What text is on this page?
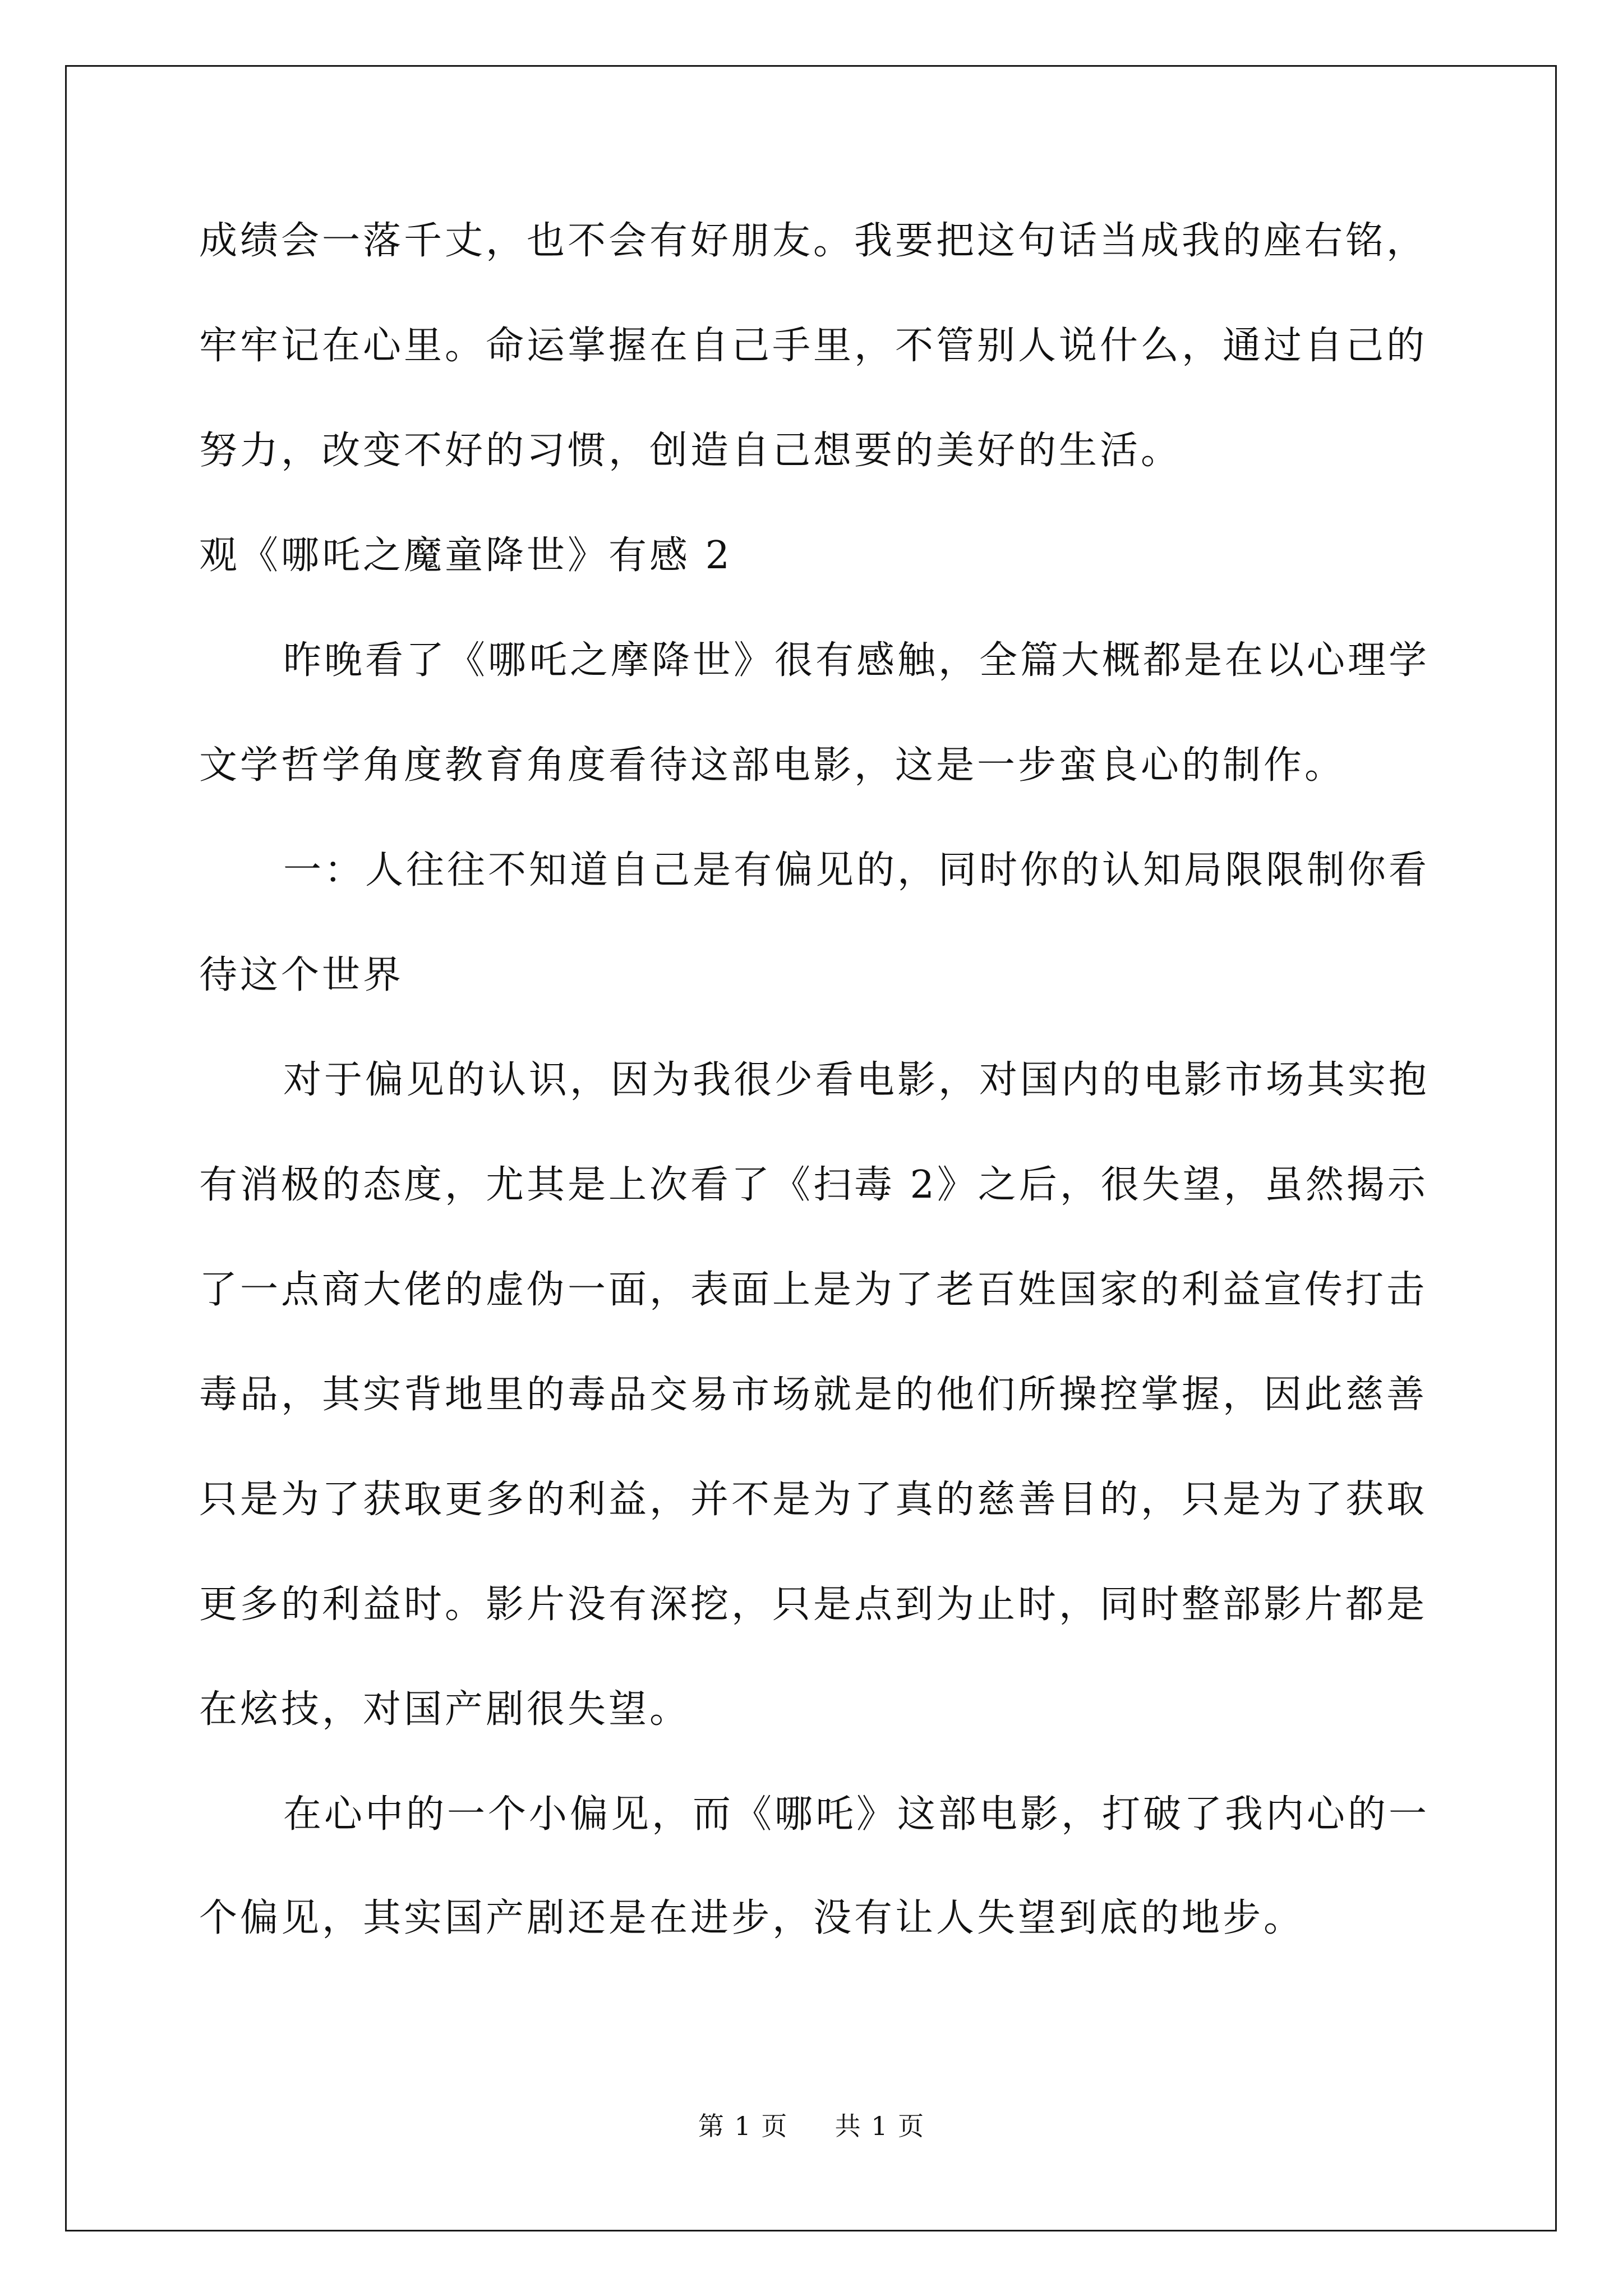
成绩会一落千丈，也不会有好朋友。我要把这句话当成我的座右铭，
牢牢记在心里。命运掌握在自己手里，不管别人说什么，通过自己的
努力，改变不好的习惯，创造自己想要的美好的生活。
观《哪吒之魔童降世》有感 2
昨晚看了《哪吒之摩降世》很有感触，全篇大概都是在以心理学
文学哲学角度教育角度看待这部电影，这是一步蛮良心的制作。
一：人往往不知道自己是有偏见的，同时你的认知局限限制你看
待这个世界
对于偏见的认识，因为我很少看电影，对国内的电影市场其实抱
有消极的态度，尤其是上次看了《扫毒 2》之后，很失望，虽然揭示
了一点商大佬的虚伪一面，表面上是为了老百姓国家的利益宣传打击
毒品，其实背地里的毒品交易市场就是的他们所操控掌握，因此慈善
只是为了获取更多的利益，并不是为了真的慈善目的，只是为了获取
更多的利益时。影片没有深挖，只是点到为止时，同时整部影片都是
在炫技，对国产剧很失望。
在心中的一个小偏见，而《哪吒》这部电影，打破了我内心的一
个偏见，其实国产剧还是在进步，没有让人失望到底的地步。
第 1 页 共 1 页
